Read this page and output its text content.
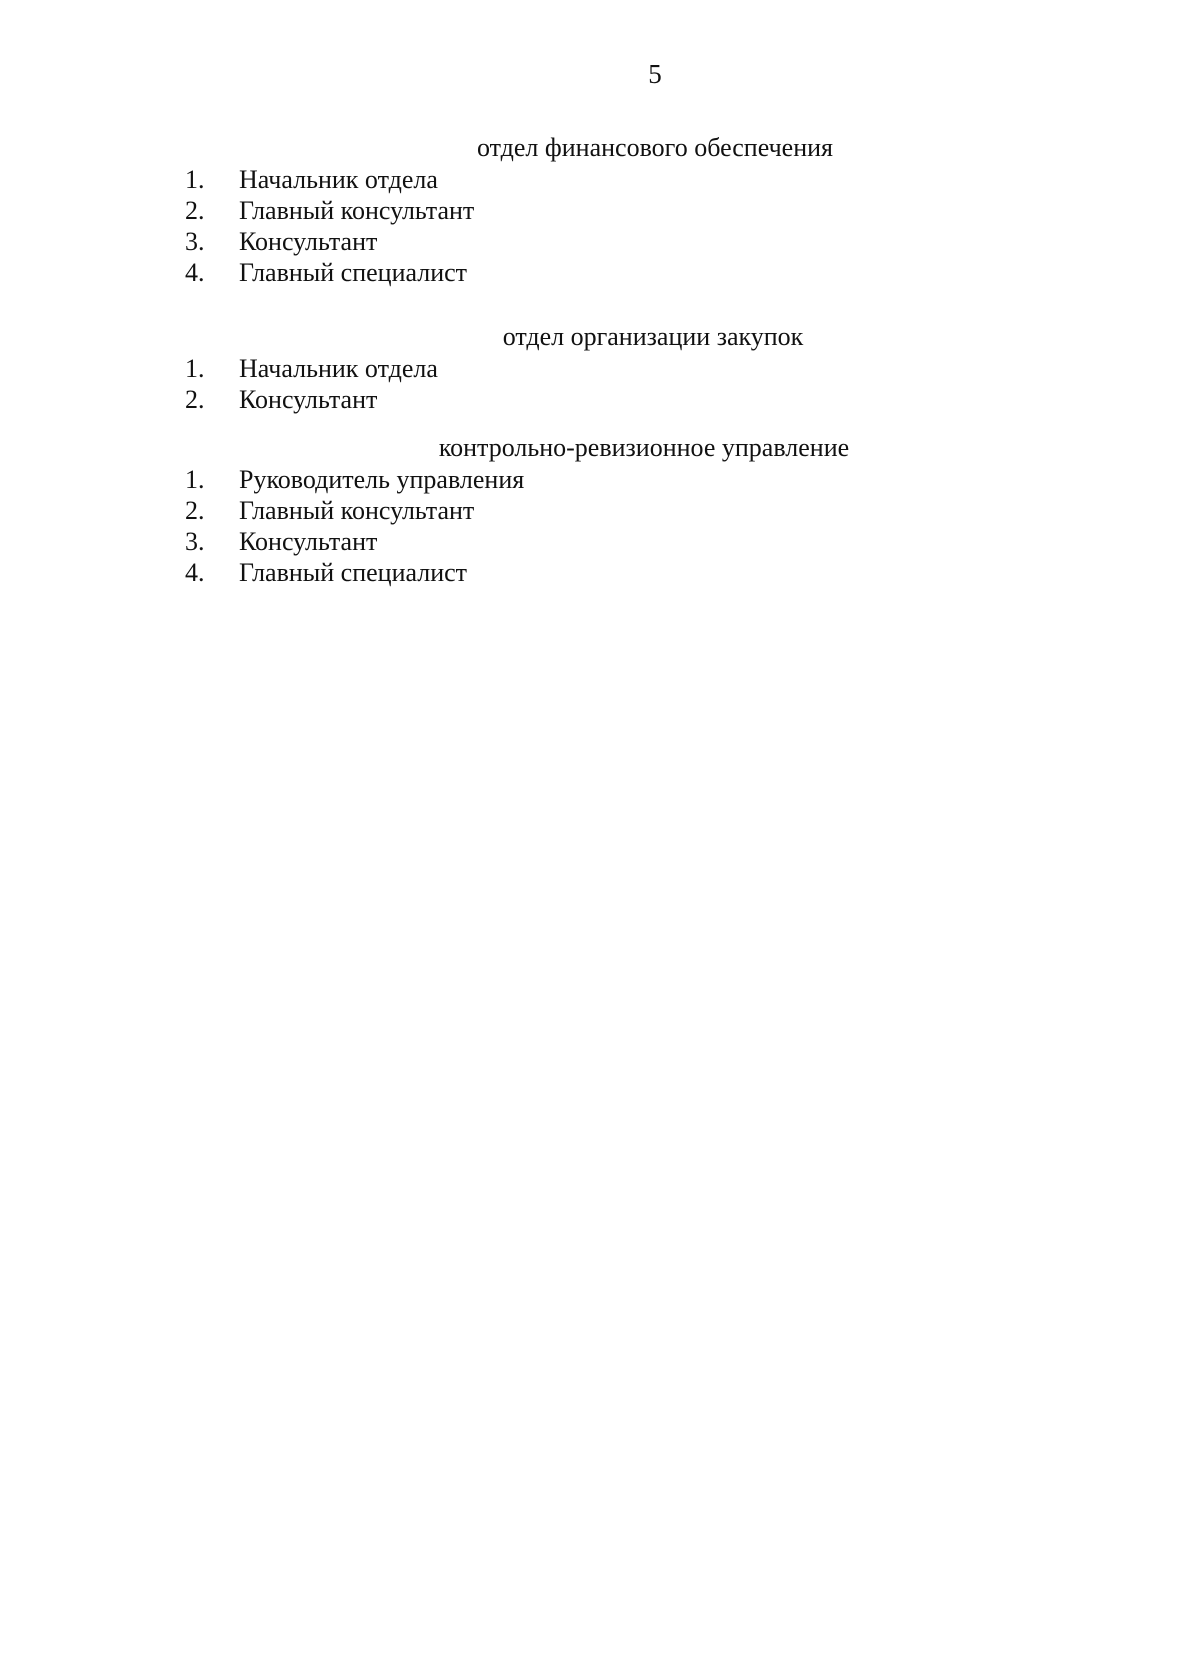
5
отдел финансового обеспечения
1. Начальник отдела
2. Главный консультант
3. Консультант
4. Главный специалист
отдел организации закупок
1. Начальник отдела
2. Консультант
контрольно-ревизионное управление
1. Руководитель управления
2. Главный консультант
3. Консультант
4. Главный специалист
